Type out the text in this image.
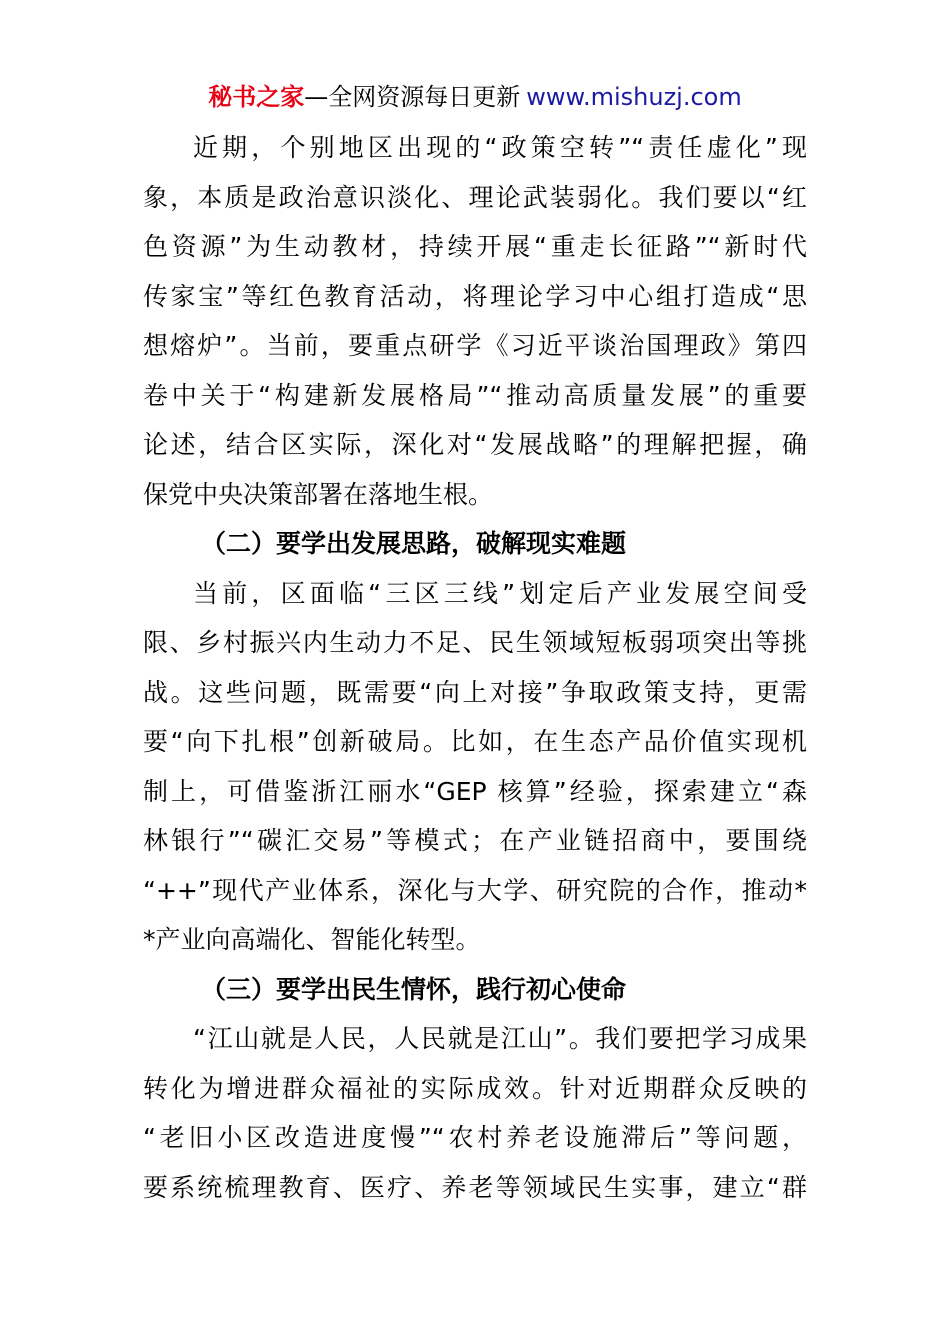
秘书之家—全网资源每日更新 www.mishuzj.com
近期，个别地区出现的“政策空转”“责任虚化”现
象，本质是政治意识淡化、理论武装弱化。我们要以“红
色资源”为生动教材，持续开展“重走长征路”“新时代
传家宝”等红色教育活动，将理论学习中心组打造成“思
想熔炉”。当前，要重点研学《习近平谈治国理政》第四
卷中关于“构建新发展格局”“推动高质量发展”的重要
论述，结合区实际，深化对“发展战略”的理解把握，确
保党中央决策部署在落地生根。
（二）要学出发展思路，破解现实难题
当前，区面临“三区三线”划定后产业发展空间受
限、乡村振兴内生动力不足、民生领域短板弱项突出等挑
战。这些问题，既需要“向上对接”争取政策支持，更需
要“向下扎根”创新破局。比如，在生态产品价值实现机
制上，可借鉴浙江丽水“GEP 核算”经验，探索建立“森
林银行”“碳汇交易”等模式；在产业链招商中，要围绕
“++”现代产业体系，深化与大学、研究院的合作，推动*
*产业向高端化、智能化转型。
（三）要学出民生情怀，践行初心使命
“江山就是人民，人民就是江山”。我们要把学习成果
转化为增进群众福祉的实际成效。针对近期群众反映的
“老旧小区改造进度慢”“农村养老设施滞后”等问题，
要系统梳理教育、医疗、养老等领域民生实事，建立“群
